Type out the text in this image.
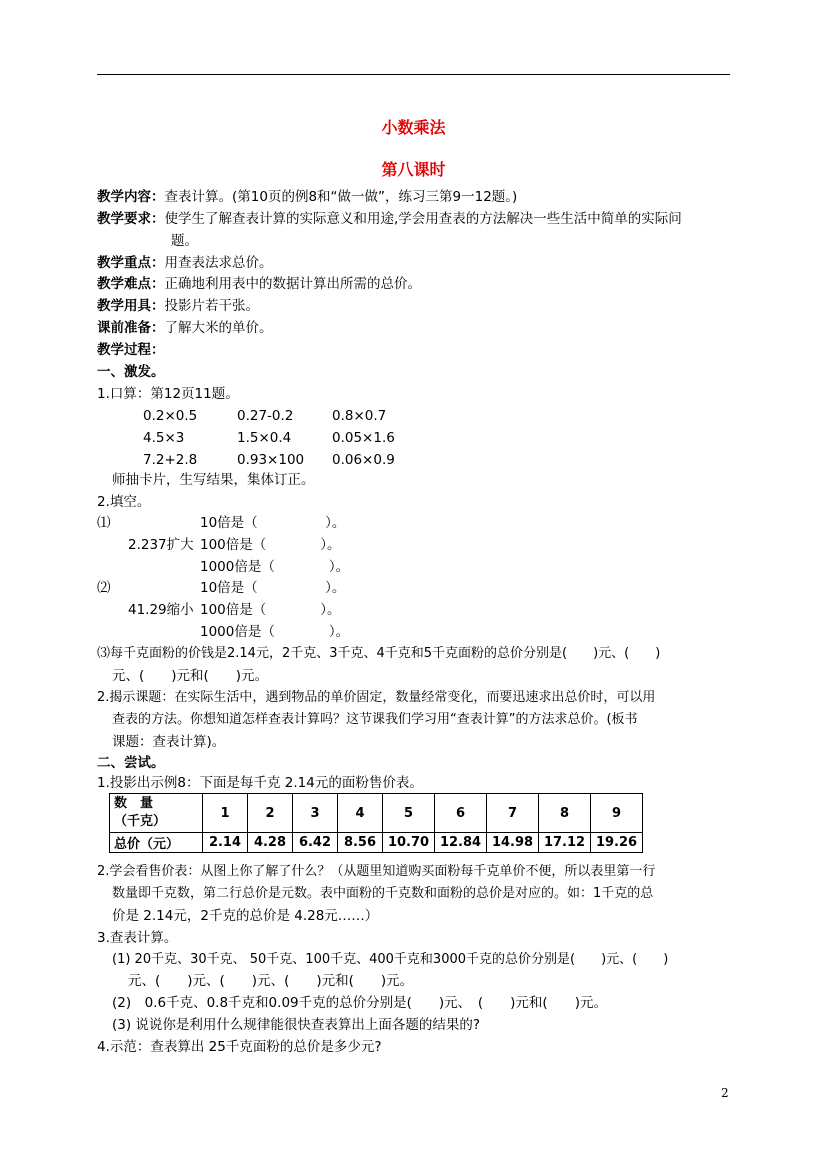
小数乘法
第八课时
教学内容：查表计算。(第10页的例8和“做一做”，练习三第9一12题。)
教学要求：使学生了解查表计算的实际意义和用途,学会用查表的方法解决一些生活中简单的实际问
题。
教学重点：用查表法求总价。
教学难点：正确地利用表中的数据计算出所需的总价。
教学用具：投影片若干张。
课前准备：了解大米的单价。
教学过程：
一、激发。
1.口算：第12页11题。
0.2×0.5	0.27-0.2	0.8×0.7
4.5×3	1.5×0.4	0.05×1.6
7.2+2.8	0.93×100 0.06×0.9
师抽卡片，生写结果，集体订正。
2.填空。
⑴	10倍是（　　　　　）。
2.237扩大 100倍是（　　　　）。
1000倍是（　　　　）。
⑵	10倍是（　　　　　）。
41.29缩小 100倍是（　　　　）。
1000倍是（　　　　）。
⑶每千克面粉的价钱是2.14元，2千克、3千克、4千克和5千克面粉的总价分别是(　　)元、(　　)
元、(　　)元和(　　)元。
2.揭示课题：在实际生活中，遇到物品的单价固定，数量经常变化，而要迅速求出总价时，可以用
查表的方法。你想知道怎样查表计算吗？这节课我们学习用“查表计算”的方法求总价。(板书
课题：查表计算)。
二、尝试。
1.投影出示例8：下面是每千克 2.14元的面粉售价表。
数　量
（千克）	1	2	3	4	5	6	7	8	9
总价（元）	2.14	4.28	6.42	8.56	10.70	12.84	14.98	17.12	19.26
2.学会看售价表：从图上你了解了什么？（从题里知道购买面粉每千克单价不便，所以表里第一行
数量即千克数，第二行总价是元数。表中面粉的千克数和面粉的总价是对应的。如：1千克的总
价是 2.14元，2千克的总价是 4.28元……）
3.查表计算。
(1) 20千克、30千克、 50千克、100千克、400千克和3000千克的总价分别是(　　)元、(　　)
元、(　　)元、(　　)元、(　　)元和(　　)元。
(2)　0.6千克、0.8千克和0.09千克的总价分别是(　　)元、　(　　)元和(　　)元。
(3) 说说你是利用什么规律能很快查表算出上面各题的结果的?
4.示范：查表算出 25千克面粉的总价是多少元?
2
